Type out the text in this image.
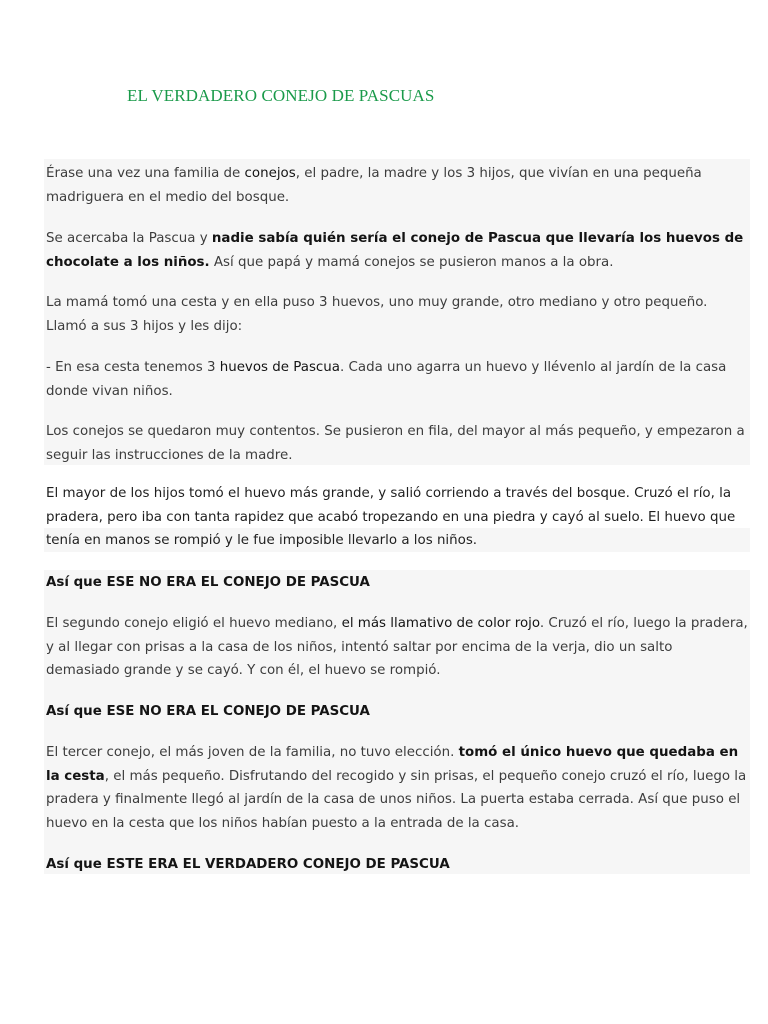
EL VERDADERO CONEJO DE PASCUAS

Érase una vez una familia de conejos, el padre, la madre y los 3 hijos, que vivían en una pequeña madriguera en el medio del bosque.

Se acercaba la Pascua y nadie sabía quién sería el conejo de Pascua que llevaría los huevos de chocolate a los niños. Así que papá y mamá conejos se pusieron manos a la obra.

La mamá tomó una cesta y en ella puso 3 huevos, uno muy grande, otro mediano y otro pequeño. Llamó a sus 3 hijos y les dijo:

- En esa cesta tenemos 3 huevos de Pascua. Cada uno agarra un huevo y llévenlo al jardín de la casa donde vivan niños.

Los conejos se quedaron muy contentos. Se pusieron en fila, del mayor al más pequeño, y empezaron a seguir las instrucciones de la madre.

El mayor de los hijos tomó el huevo más grande, y salió corriendo a través del bosque. Cruzó el río, la pradera, pero iba con tanta rapidez que acabó tropezando en una piedra y cayó al suelo. El huevo que tenía en manos se rompió y le fue imposible llevarlo a los niños.

Así que ESE NO ERA EL CONEJO DE PASCUA

El segundo conejo eligió el huevo mediano, el más llamativo de color rojo. Cruzó el río, luego la pradera, y al llegar con prisas a la casa de los niños, intentó saltar por encima de la verja, dio un salto demasiado grande y se cayó. Y con él, el huevo se rompió.

Así que ESE NO ERA EL CONEJO DE PASCUA

El tercer conejo, el más joven de la familia, no tuvo elección. tomó el único huevo que quedaba en la cesta, el más pequeño. Disfrutando del recogido y sin prisas, el pequeño conejo cruzó el río, luego la pradera y finalmente llegó al jardín de la casa de unos niños. La puerta estaba cerrada. Así que puso el huevo en la cesta que los niños habían puesto a la entrada de la casa.

Así que ESTE ERA EL VERDADERO CONEJO DE PASCUA
